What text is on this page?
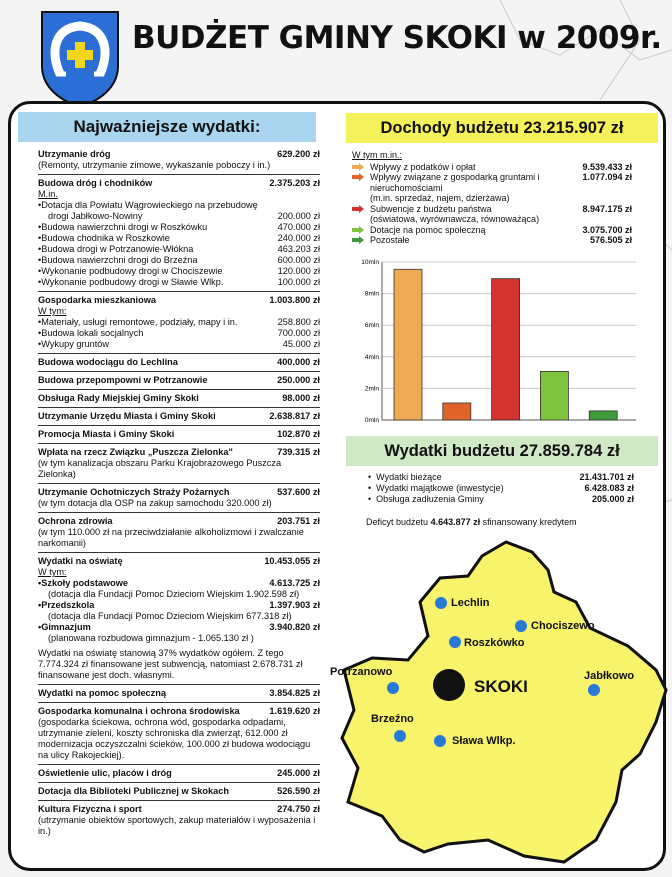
BUDŻET GMINY SKOKI w 2009r.
Najważniejsze wydatki:
Utrzymanie dróg	629.200 zł
(Remonty, utrzymanie zimowe, wykaszanie poboczy i in.)
Budowa dróg i chodników	2.375.203 zł
M.in.
•Dotacja dla Powiatu Wągrowieckiego na przebudowę
drogi Jabłkowo-Nowiny	200.000 zł
•Budowa nawierzchni drogi w Roszkówku	470.000 zł
•Budowa chodnika w Roszkowie	240.000 zł
•Budowa drogi w Potrzanowie-Włókna	463.203 zł
•Budowa nawierzchni drogi do Brzeźna	600.000 zł
•Wykonanie podbudowy drogi w Chociszewie	120.000 zł
•Wykonanie podbudowy drogi w Sławie Wlkp.	100.000 zł
Gospodarka mieszkaniowa	1.003.800 zł
W tym:
•Materiały, usługi remontowe, podziały, mapy i in.	258.800 zł
•Budowa lokali socjalnych	700.000 zł
•Wykupy gruntów	45.000 zł
Budowa wodociągu do Lechlina	400.000 zł
Budowa przepompowni w Potrzanowie	250.000 zł
Obsługa Rady Miejskiej Gminy Skoki	98.000 zł
Utrzymanie Urzędu Miasta i Gminy Skoki	2.638.817 zł
Promocja Miasta i Gminy Skoki	102.870 zł
Wpłata na rzecz Związku „Puszcza Zielonka"	739.315 zł
(w tym kanalizacja obszaru Parku Krajobrazowego Puszcza Zielonka)
Utrzymanie Ochotniczych Straży Pożarnych	537.600 zł
(w tym dotacja dla OSP na zakup samochodu 320.000 zł)
Ochrona zdrowia	203.751 zł
(w tym 110.000 zł na przeciwdziałanie alkoholizmowi i zwalczanie narkomanii)
Wydatki na oświatę	10.453.055 zł
W tym:
•Szkoły podstawowe	4.613.725 zł
(dotacja dla Fundacji Pomoc Dzieciom Wiejskim 1.902.598 zł)
•Przedszkola	1.397.903 zł
(dotacja dla Fundacji Pomoc Dzieciom Wiejskim 677.318 zł)
•Gimnazjum	3.940.820 zł
(planowana rozbudowa gimnazjum - 1.065.130 zł )
Wydatki na oświatę stanowią 37% wydatków ogółem. Z tego 7.774.324 zł finansowane jest subwencją, natomiast 2.678.731 zł finansowane jest doch. własnymi.
Wydatki na pomoc społeczną	3.854.825 zł
Gospodarka komunalna i ochrona środowiska	1.619.620 zł
(gospodarka ściekowa, ochrona wód, gospodarka odpadami, utrzymanie zieleni, koszty schroniska dla zwierząt, 612.000 zł modernizacja oczyszczalni ścieków, 100.000 zł budowa wodociągu na ulicy Rakojeckiej).
Oświetlenie ulic, placów i dróg	245.000 zł
Dotacja dla Biblioteki Publicznej w Skokach	526.590 zł
Kultura Fizyczna i sport	274.750 zł
(utrzymanie obiektów sportowych, zakup materiałów i wyposażenia i in.)
Dochody budżetu 23.215.907 zł
W tym m.in.:
Wpływy z podatków i opłat	9.539.433 zł
Wpływy związane z gospodarką gruntami i nieruchomościami
(m.in. sprzedaż, najem, dzierżawa)
1.077.094 zł
Subwencje z budżetu państwa
(oświatowa, wyrównawcza, równoważąca)
8.947.175 zł
Dotacje na pomoc społeczną	3.075.700 zł
Pozostałe	576.505 zł
0mln
2mln
4mln
6mln
8mln
10mln
Wydatki budżetu 27.859.784 zł
• Wydatki bieżące	21.431.701 zł
• Wydatki majątkowe (inwestycje)	6.428.083 zł
• Obsługa zadłużenia Gminy	205.000 zł
Deficyt budżetu 4.643.877 zł sfinansowany kredytem
Lechlin
Chociszewo
Roszkówko
Potrzanowo	Jabłkowo
Brzeźno
Sława Wlkp.
SKOKI
